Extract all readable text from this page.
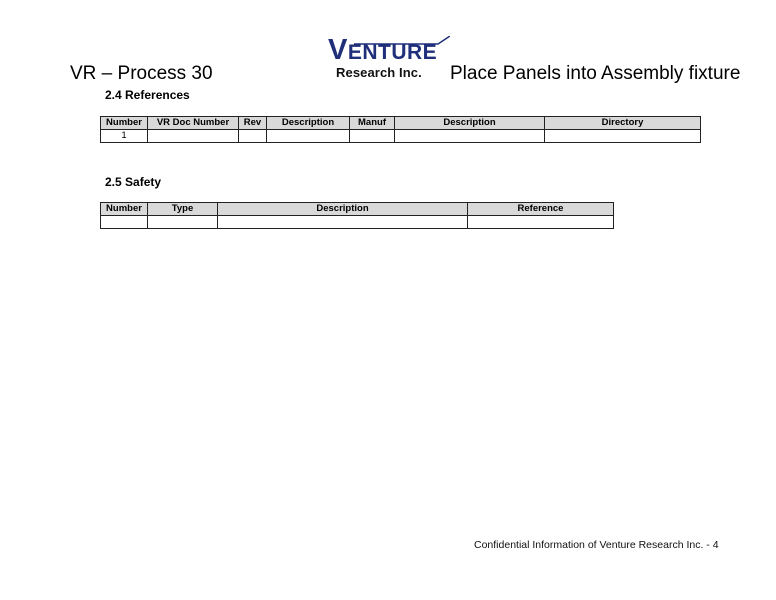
VENTURE
Research Inc.
VR – Process 30	Place Panels into Assembly fixture
2.4 References
Number	VR Doc Number	Rev	Description	Manuf	Description	Directory
1						
2.5 Safety
Number	Type	Description	Reference

Confidential Information of Venture Research Inc. - 4
